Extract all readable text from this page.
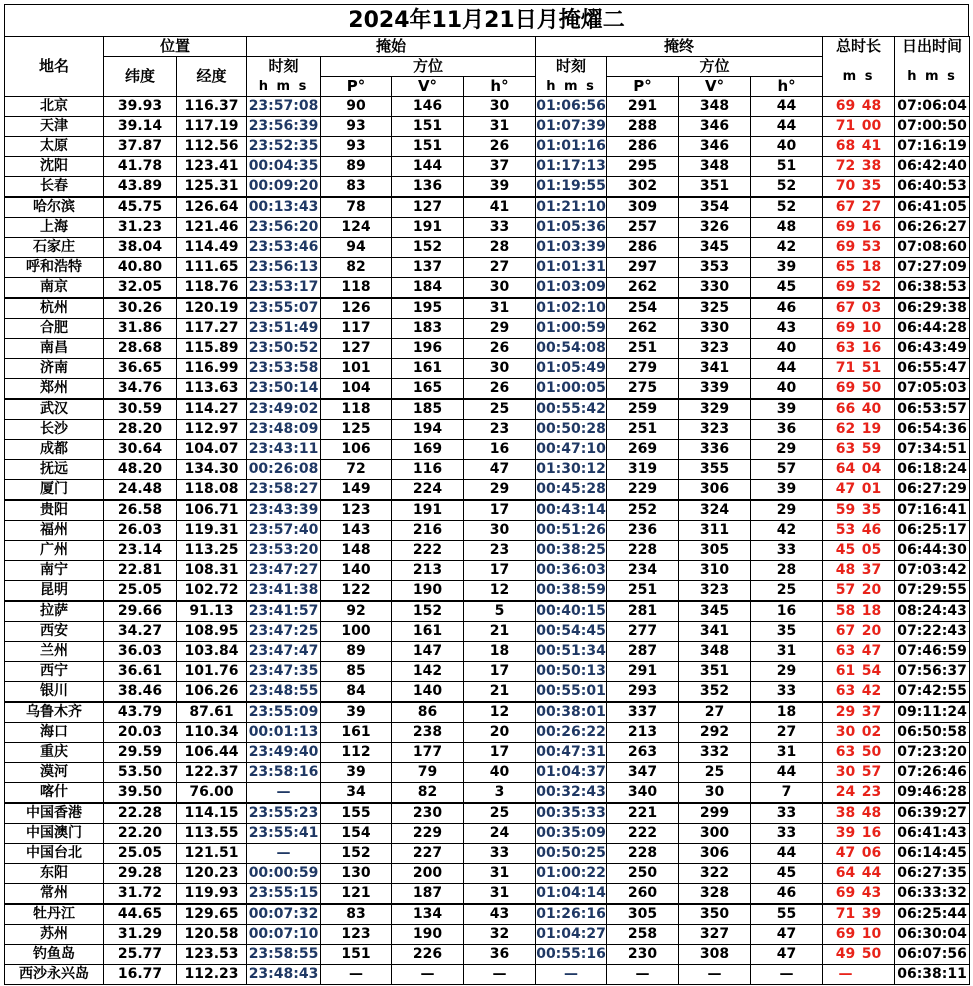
2024年11月21日月掩燿二
地名	位置		掩始				掩终				总时长	日出时间
	纬度	经度	时刻	方位			时刻	方位			m s	h m s
			h m s	P°	V°	h°	h m s	P°	V°	h°		
北京	39.93	116.37	23:57:08	90	146	30	01:06:56	291	348	44	69 48	07:06:04
天津	39.14	117.19	23:56:39	93	151	31	01:07:39	288	346	44	71 00	07:00:50
太原	37.87	112.56	23:52:35	93	151	26	01:01:16	286	346	40	68 41	07:16:19
沈阳	41.78	123.41	00:04:35	89	144	37	01:17:13	295	348	51	72 38	06:42:40
长春	43.89	125.31	00:09:20	83	136	39	01:19:55	302	351	52	70 35	06:40:53
哈尔滨	45.75	126.64	00:13:43	78	127	41	01:21:10	309	354	52	67 27	06:41:05
上海	31.23	121.46	23:56:20	124	191	33	01:05:36	257	326	48	69 16	06:26:27
石家庄	38.04	114.49	23:53:46	94	152	28	01:03:39	286	345	42	69 53	07:08:60
呼和浩特	40.80	111.65	23:56:13	82	137	27	01:01:31	297	353	39	65 18	07:27:09
南京	32.05	118.76	23:53:17	118	184	30	01:03:09	262	330	45	69 52	06:38:53
杭州	30.26	120.19	23:55:07	126	195	31	01:02:10	254	325	46	67 03	06:29:38
合肥	31.86	117.27	23:51:49	117	183	29	01:00:59	262	330	43	69 10	06:44:28
南昌	28.68	115.89	23:50:52	127	196	26	00:54:08	251	323	40	63 16	06:43:49
济南	36.65	116.99	23:53:58	101	161	30	01:05:49	279	341	44	71 51	06:55:47
郑州	34.76	113.63	23:50:14	104	165	26	01:00:05	275	339	40	69 50	07:05:03
武汉	30.59	114.27	23:49:02	118	185	25	00:55:42	259	329	39	66 40	06:53:57
长沙	28.20	112.97	23:48:09	125	194	23	00:50:28	251	323	36	62 19	06:54:36
成都	30.64	104.07	23:43:11	106	169	16	00:47:10	269	336	29	63 59	07:34:51
抚远	48.20	134.30	00:26:08	72	116	47	01:30:12	319	355	57	64 04	06:18:24
厦门	24.48	118.08	23:58:27	149	224	29	00:45:28	229	306	39	47 01	06:27:29
贵阳	26.58	106.71	23:43:39	123	191	17	00:43:14	252	324	29	59 35	07:16:41
福州	26.03	119.31	23:57:40	143	216	30	00:51:26	236	311	42	53 46	06:25:17
广州	23.14	113.25	23:53:20	148	222	23	00:38:25	228	305	33	45 05	06:44:30
南宁	22.81	108.31	23:47:27	140	213	17	00:36:03	234	310	28	48 37	07:03:42
昆明	25.05	102.72	23:41:38	122	190	12	00:38:59	251	323	25	57 20	07:29:55
拉萨	29.66	91.13	23:41:57	92	152	5	00:40:15	281	345	16	58 18	08:24:43
西安	34.27	108.95	23:47:25	100	161	21	00:54:45	277	341	35	67 20	07:22:43
兰州	36.03	103.84	23:47:47	89	147	18	00:51:34	287	348	31	63 47	07:46:59
西宁	36.61	101.76	23:47:35	85	142	17	00:50:13	291	351	29	61 54	07:56:37
银川	38.46	106.26	23:48:55	84	140	21	00:55:01	293	352	33	63 42	07:42:55
乌鲁木齐	43.79	87.61	23:55:09	39	86	12	00:38:01	337	27	18	29 37	09:11:24
海口	20.03	110.34	00:01:13	161	238	20	00:26:22	213	292	27	30 02	06:50:58
重庆	29.59	106.44	23:49:40	112	177	17	00:47:31	263	332	31	63 50	07:23:20
漠河	53.50	122.37	23:58:16	39	79	40	01:04:37	347	25	44	30 57	07:26:46
喀什	39.50	76.00	—	34	82	3	00:32:43	340	30	7	24 23	09:46:28
中国香港	22.28	114.15	23:55:23	155	230	25	00:35:33	221	299	33	38 48	06:39:27
中国澳门	22.20	113.55	23:55:41	154	229	24	00:35:09	222	300	33	39 16	06:41:43
中国台北	25.05	121.51	—	152	227	33	00:50:25	228	306	44	47 06	06:14:45
东阳	29.28	120.23	00:00:59	130	200	31	01:00:22	250	322	45	64 44	06:27:35
常州	31.72	119.93	23:55:15	121	187	31	01:04:14	260	328	46	69 43	06:33:32
牡丹江	44.65	129.65	00:07:32	83	134	43	01:26:16	305	350	55	71 39	06:25:44
苏州	31.29	120.58	00:07:10	123	190	32	01:04:27	258	327	47	69 10	06:30:04
钓鱼岛	25.77	123.53	23:58:55	151	226	36	00:55:16	230	308	47	49 50	06:07:56
西沙永兴岛	16.77	112.23	23:48:43	—	—	—	—	—	—	—	—	06:38:11
